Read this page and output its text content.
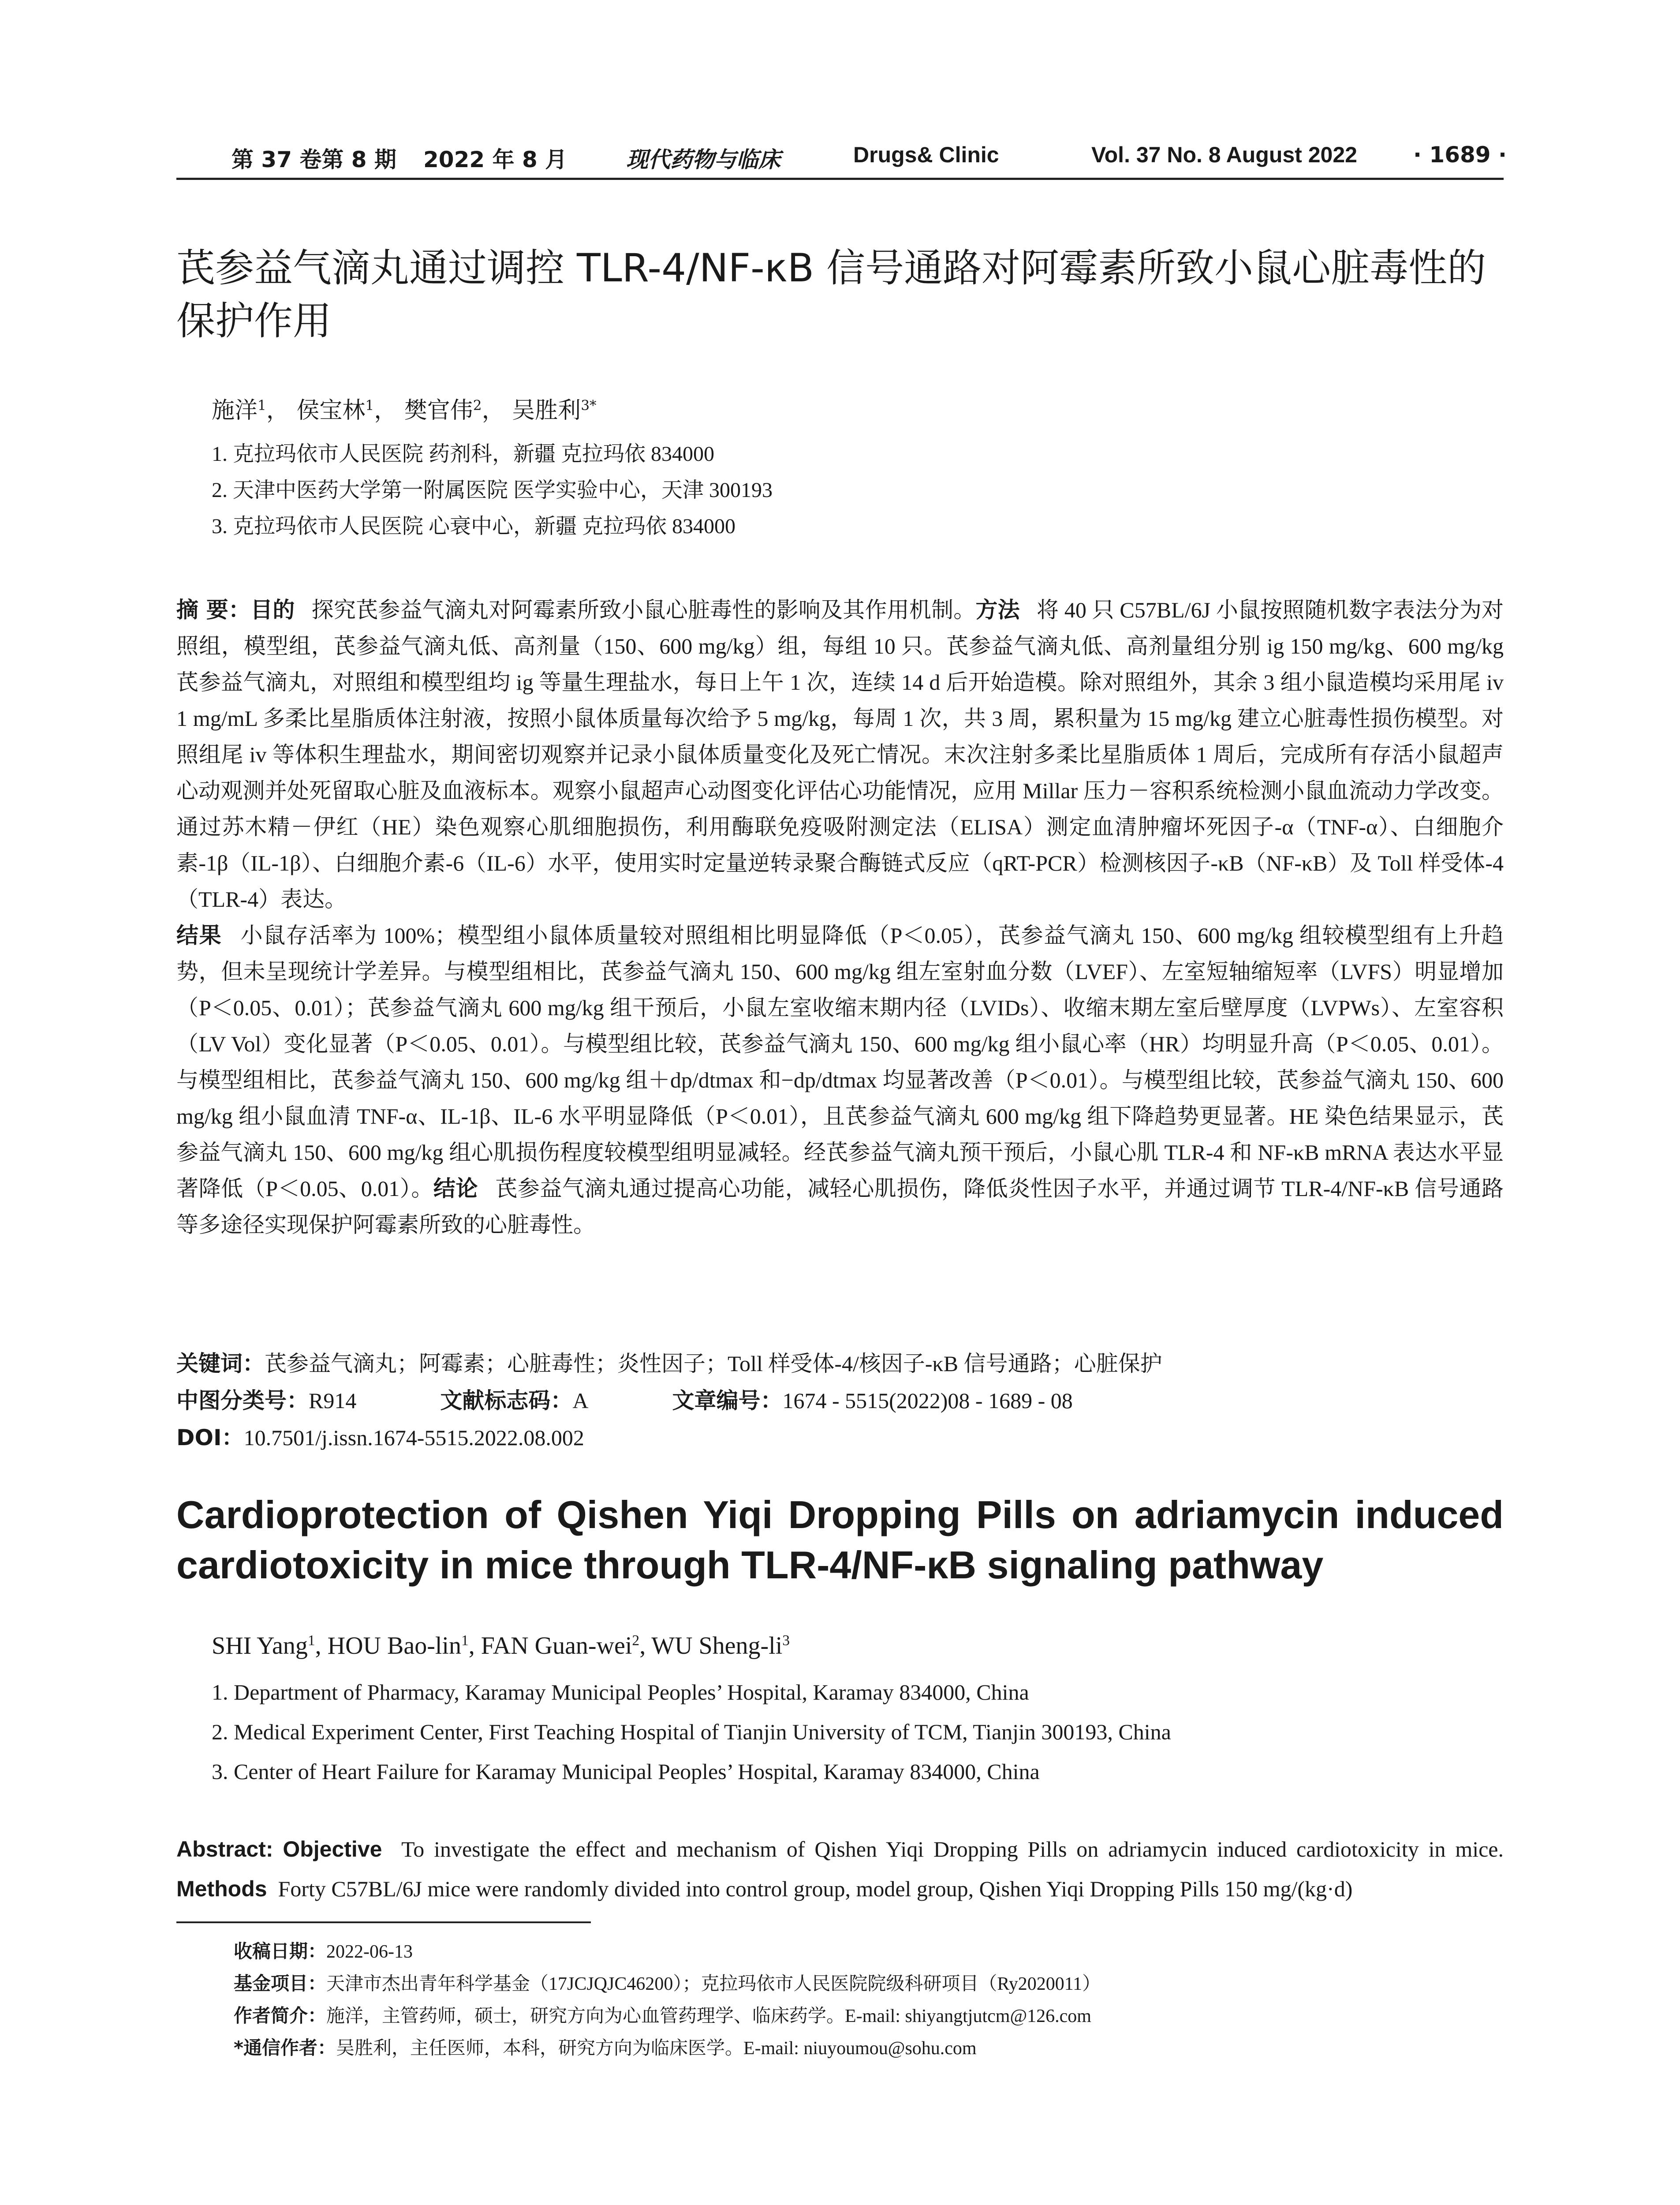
第 37 卷第 8 期 2022 年 8 月	现代药物与临床	Drugs& Clinic	Vol. 37 No. 8 August 2022	· 1689 ·
芪参益气滴丸通过调控 TLR-4/NF-κB 信号通路对阿霉素所致小鼠心脏毒性的保护作用
施洋$^1$， 侯宝林$^1$， 樊官伟$^2$， 吴胜利$^{3*}$
1. 克拉玛依市人民医院 药剂科，新疆 克拉玛依 834000
2. 天津中医药大学第一附属医院 医学实验中心，天津 300193
3. 克拉玛依市人民医院 心衰中心，新疆 克拉玛依 834000

摘 要：目的 探究芪参益气滴丸对阿霉素所致小鼠心脏毒性的影响及其作用机制。方法 将 40 只 C57BL/6J 小鼠按照随机数字表法分为对照组，模型组，芪参益气滴丸低、高剂量（150、600 mg/kg）组，每组 10 只。芪参益气滴丸低、高剂量组分别 ig 150 mg/kg、600 mg/kg 芪参益气滴丸，对照组和模型组均 ig 等量生理盐水，每日上午 1 次，连续 14 d 后开始造模。除对照组外，其余 3 组小鼠造模均采用尾 iv 1 mg/mL 多柔比星脂质体注射液，按照小鼠体质量每次给予 5 mg/kg，每周 1 次，共 3 周，累积量为 15 mg/kg 建立心脏毒性损伤模型。对照组尾 iv 等体积生理盐水，期间密切观察并记录小鼠体质量变化及死亡情况。末次注射多柔比星脂质体 1 周后，完成所有存活小鼠超声心动观测并处死留取心脏及血液标本。观察小鼠超声心动图变化评估心功能情况，应用 Millar 压力－容积系统检测小鼠血流动力学改变。通过苏木精－伊红（HE）染色观察心肌细胞损伤，利用酶联免疫吸附测定法（ELISA）测定血清肿瘤坏死因子-α（TNF-α）、白细胞介素-1β（IL-1β）、白细胞介素-6（IL-6）水平，使用实时定量逆转录聚合酶链式反应（qRT-PCR）检测核因子-κB（NF-κB）及 Toll 样受体-4（TLR-4）表达。
结果 小鼠存活率为 100%；模型组小鼠体质量较对照组相比明显降低（P＜0.05），芪参益气滴丸 150、600 mg/kg 组较模型组有上升趋势，但未呈现统计学差异。与模型组相比，芪参益气滴丸 150、600 mg/kg 组左室射血分数（LVEF）、左室短轴缩短率（LVFS）明显增加（P＜0.05、0.01）；芪参益气滴丸 600 mg/kg 组干预后，小鼠左室收缩末期内径（LVIDs）、收缩末期左室后壁厚度（LVPWs）、左室容积（LV Vol）变化显著（P＜0.05、0.01）。与模型组比较，芪参益气滴丸 150、600 mg/kg 组小鼠心率（HR）均明显升高（P＜0.05、0.01）。与模型组相比，芪参益气滴丸 150、600 mg/kg 组＋dp/dtmax 和−dp/dtmax 均显著改善（P＜0.01）。与模型组比较，芪参益气滴丸 150、600 mg/kg 组小鼠血清 TNF-α、IL-1β、IL-6 水平明显降低（P＜0.01），且芪参益气滴丸 600 mg/kg 组下降趋势更显著。HE 染色结果显示，芪参益气滴丸 150、600 mg/kg 组心肌损伤程度较模型组明显减轻。经芪参益气滴丸预干预后，小鼠心肌 TLR-4 和 NF-κB mRNA 表达水平显著降低（P＜0.05、0.01）。结论 芪参益气滴丸通过提高心功能，减轻心肌损伤，降低炎性因子水平，并通过调节 TLR-4/NF-κB 信号通路等多途径实现保护阿霉素所致的心脏毒性。

关键词：芪参益气滴丸；阿霉素；心脏毒性；炎性因子；Toll 样受体-4/核因子-κB 信号通路；心脏保护
中图分类号：R914	文献标志码：A	文章编号：1674 - 5515(2022)08 - 1689 - 08
DOI：10.7501/j.issn.1674-5515.2022.08.002
Cardioprotection of Qishen Yiqi Dropping Pills on adriamycin induced cardiotoxicity in mice through TLR-4/NF-κB signaling pathway
SHI Yang$^1$, HOU Bao-lin$^1$, FAN Guan-wei$^2$, WU Sheng-$li^3$
1. Department of Pharmacy, Karamay Municipal Peoples’ Hospital, Karamay 834000, China
2. Medical Experiment Center, First Teaching Hospital of Tianjin University of TCM, Tianjin 300193, China
3. Center of Heart Failure for Karamay Municipal Peoples’ Hospital, Karamay 834000, China

Abstract: Objective To investigate the effect and mechanism of Qishen Yiqi Dropping Pills on adriamycin induced cardiotoxicity in mice. Methods Forty C57BL/6J mice were randomly divided into control group, model group, Qishen Yiqi Dropping Pills 150 mg/(kg·d)

收稿日期：2022-06-13
基金项目：天津市杰出青年科学基金（17JCJQJC46200）；克拉玛依市人民医院院级科研项目（Ry2020011）
作者简介：施洋，主管药师，硕士，研究方向为心血管药理学、临床药学。E-mail: shiyangtjutcm@126.com
*通信作者：吴胜利，主任医师，本科，研究方向为临床医学。E-mail: niuyoumou@sohu.com
